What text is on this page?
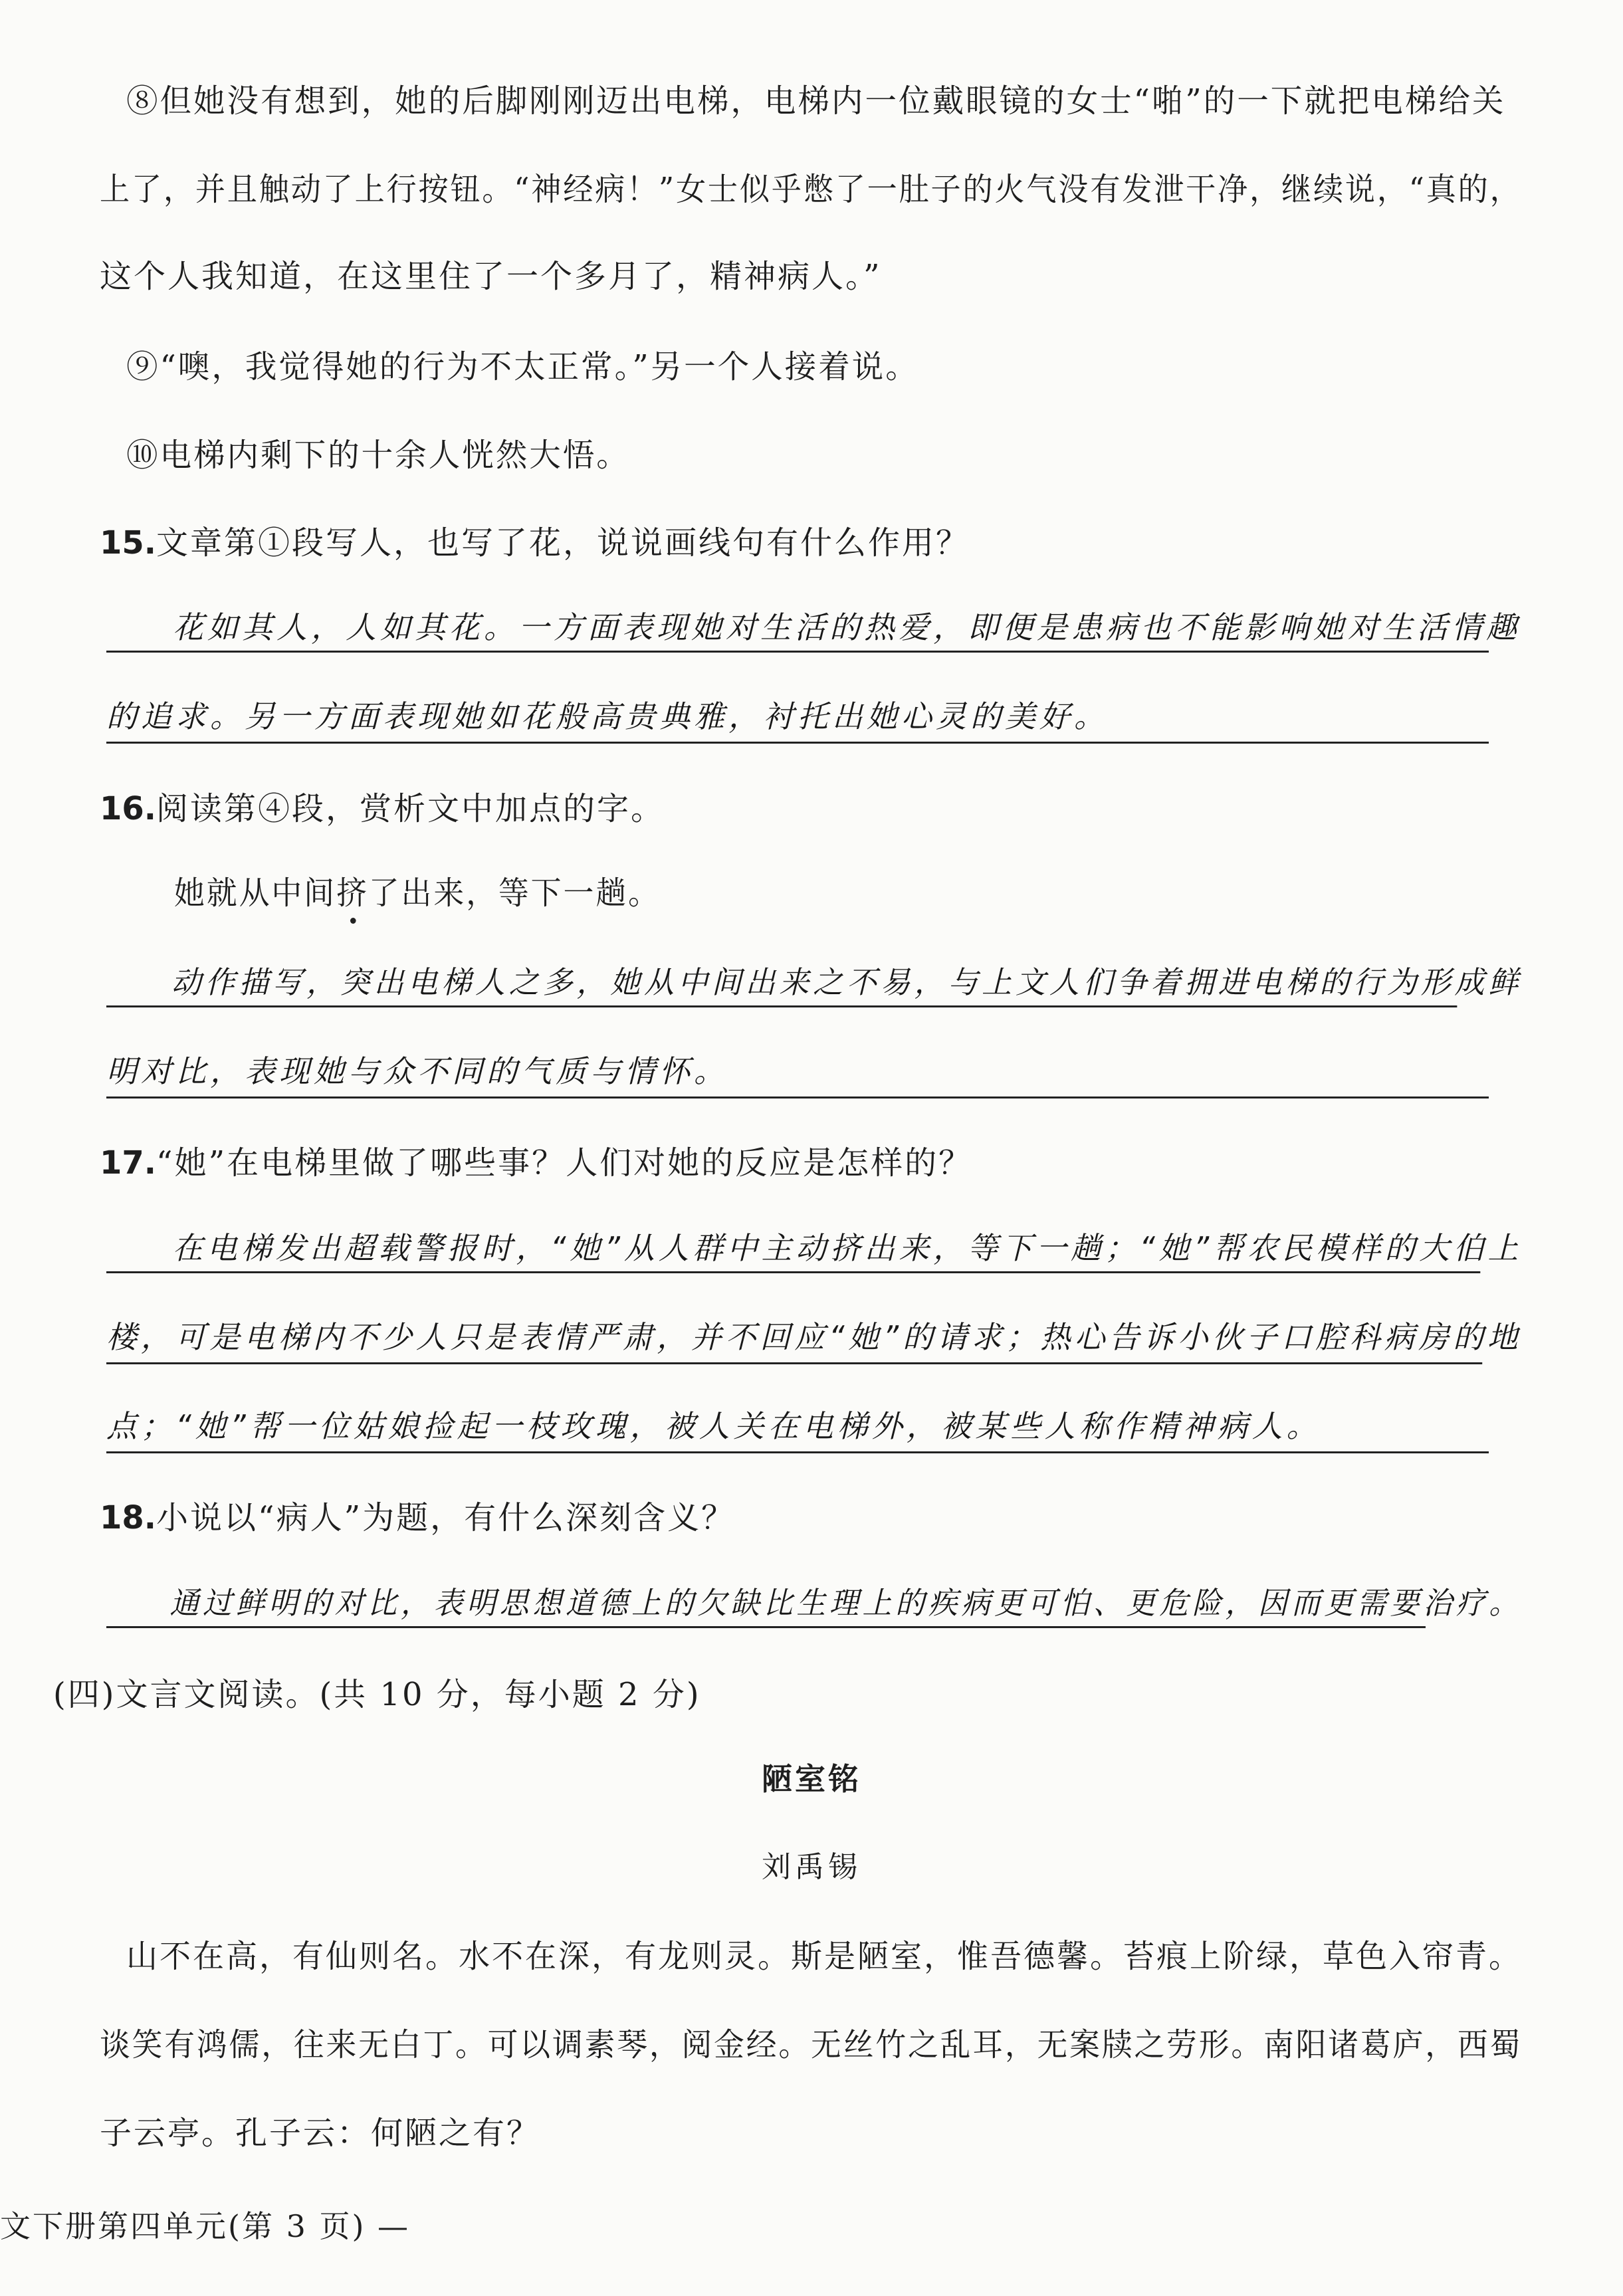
⑧但她没有想到，她的后脚刚刚迈出电梯，电梯内一位戴眼镜的女士“啪”的一下就把电梯给关
上了，并且触动了上行按钮。“神经病！”女士似乎憋了一肚子的火气没有发泄干净，继续说，“真的，
这个人我知道，在这里住了一个多月了，精神病人。”
⑨“噢，我觉得她的行为不太正常。”另一个人接着说。
⑩电梯内剩下的十余人恍然大悟。
15.文章第①段写人，也写了花，说说画线句有什么作用？
花如其人，人如其花。一方面表现她对生活的热爱，即便是患病也不能影响她对生活情趣
的追求。另一方面表现她如花般高贵典雅，衬托出她心灵的美好。
16.阅读第④段，赏析文中加点的字。
她就从中间挤了出来，等下一趟。
动作描写，突出电梯人之多，她从中间出来之不易，与上文人们争着拥进电梯的行为形成鲜
明对比，表现她与众不同的气质与情怀。
17.“她”在电梯里做了哪些事？人们对她的反应是怎样的？
在电梯发出超载警报时，“她”从人群中主动挤出来，等下一趟；“她”帮农民模样的大伯上
楼，可是电梯内不少人只是表情严肃，并不回应“她”的请求；热心告诉小伙子口腔科病房的地
点；“她”帮一位姑娘捡起一枝玫瑰，被人关在电梯外，被某些人称作精神病人。
18.小说以“病人”为题，有什么深刻含义？
通过鲜明的对比，表明思想道德上的欠缺比生理上的疾病更可怕、更危险，因而更需要治疗。
(四)文言文阅读。(共 10 分，每小题 2 分)
陋室铭
刘禹锡
山不在高，有仙则名。水不在深，有龙则灵。斯是陋室，惟吾德馨。苔痕上阶绿，草色入帘青。
谈笑有鸿儒，往来无白丁。可以调素琴，阅金经。无丝竹之乱耳，无案牍之劳形。南阳诸葛庐，西蜀
子云亭。孔子云：何陋之有？
文下册第四单元(第 3 页) —
